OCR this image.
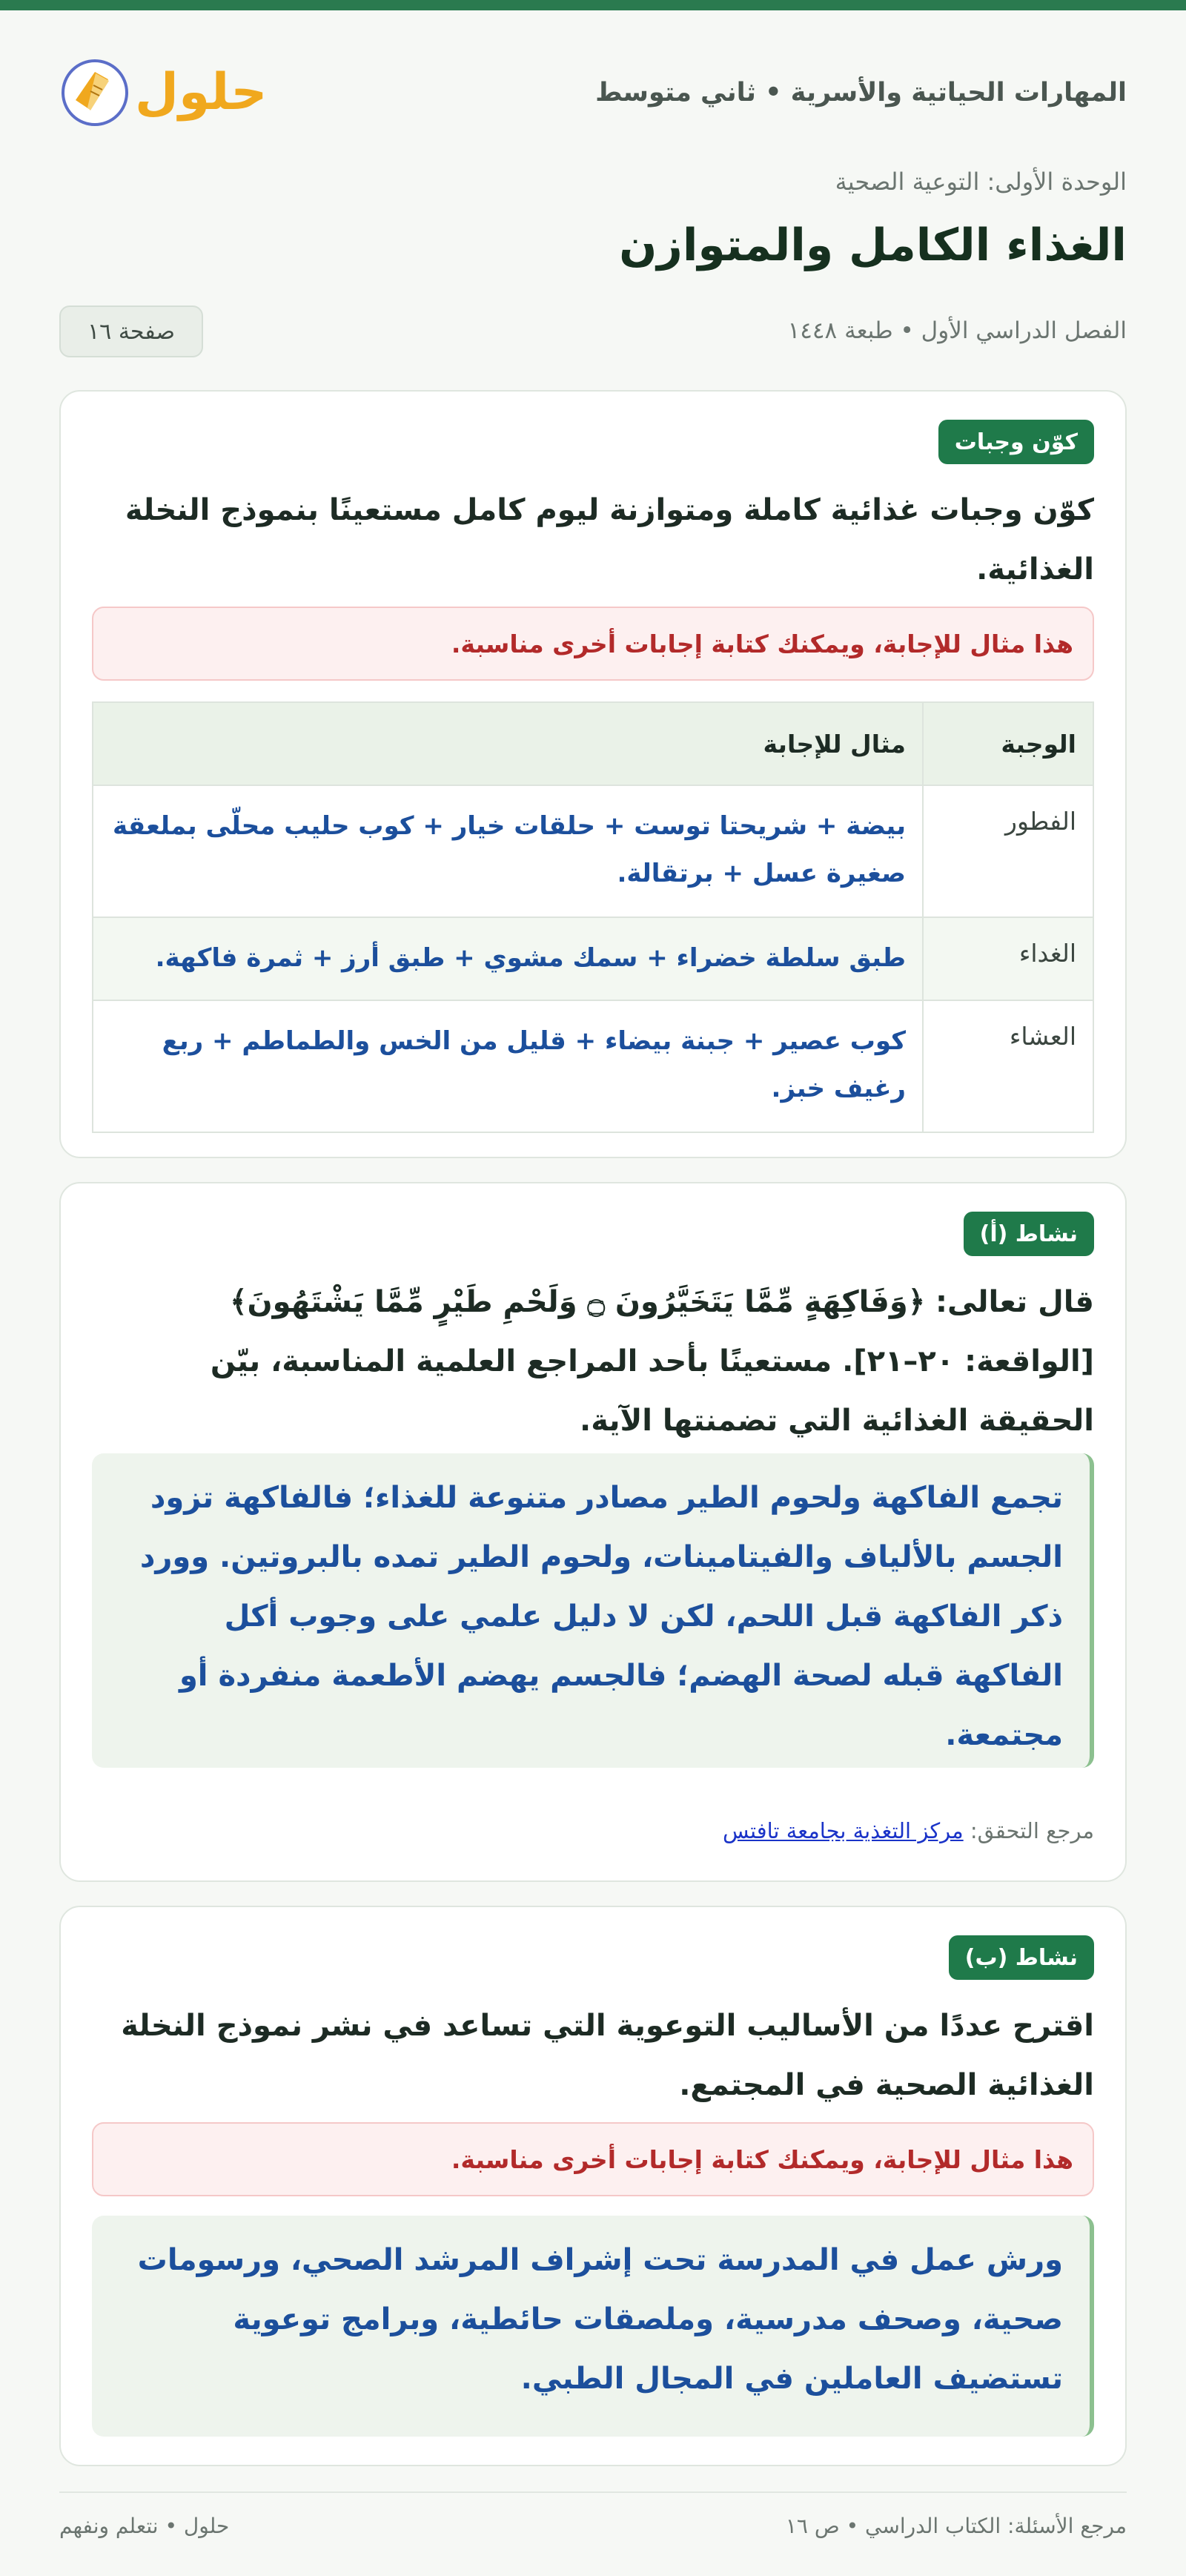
المهارات الحياتية والأسرية • ثاني متوسط
حلول
الوحدة الأولى: التوعية الصحية
الغذاء الكامل والمتوازن
الفصل الدراسي الأول • طبعة ١٤٤٨
صفحة ١٦
كوّن وجبات

كوّن وجبات غذائية كاملة ومتوازنة ليوم كامل مستعينًا بنموذج النخلة الغذائية.

هذا مثال للإجابة، ويمكنك كتابة إجابات أخرى مناسبة.
الوجبة	مثال للإجابة
الفطور	بيضة + شريحتا توست + حلقات خيار + كوب حليب محلّى بملعقة صغيرة عسل + برتقالة.
الغداء	طبق سلطة خضراء + سمك مشوي + طبق أرز + ثمرة فاكهة.
العشاء	كوب عصير + جبنة بيضاء + قليل من الخس والطماطم + ربع رغيف خبز.
نشاط (أ)

قال تعالى: ﴿وَفَاكِهَةٍ مِّمَّا يَتَخَيَّرُونَ ۝ وَلَحْمِ طَيْرٍ مِّمَّا يَشْتَهُونَ﴾ [الواقعة: ٢٠–٢١]. مستعينًا بأحد المراجع العلمية المناسبة، بيّن الحقيقة الغذائية التي تضمنتها الآية.

تجمع الفاكهة ولحوم الطير مصادر متنوعة للغذاء؛ فالفاكهة تزود الجسم بالألياف والفيتامينات، ولحوم الطير تمده بالبروتين. وورد ذكر الفاكهة قبل اللحم، لكن لا دليل علمي على وجوب أكل الفاكهة قبله لصحة الهضم؛ فالجسم يهضم الأطعمة منفردة أو مجتمعة.
مرجع التحقق: مركز التغذية بجامعة تافتس
نشاط (ب)

اقترح عددًا من الأساليب التوعوية التي تساعد في نشر نموذج النخلة الغذائية الصحية في المجتمع.

هذا مثال للإجابة، ويمكنك كتابة إجابات أخرى مناسبة.
ورش عمل في المدرسة تحت إشراف المرشد الصحي، ورسومات صحية، وصحف مدرسية، وملصقات حائطية، وبرامج توعوية تستضيف العاملين في المجال الطبي.
مرجع الأسئلة: الكتاب الدراسي • ص ١٦
حلول • نتعلم ونفهم
